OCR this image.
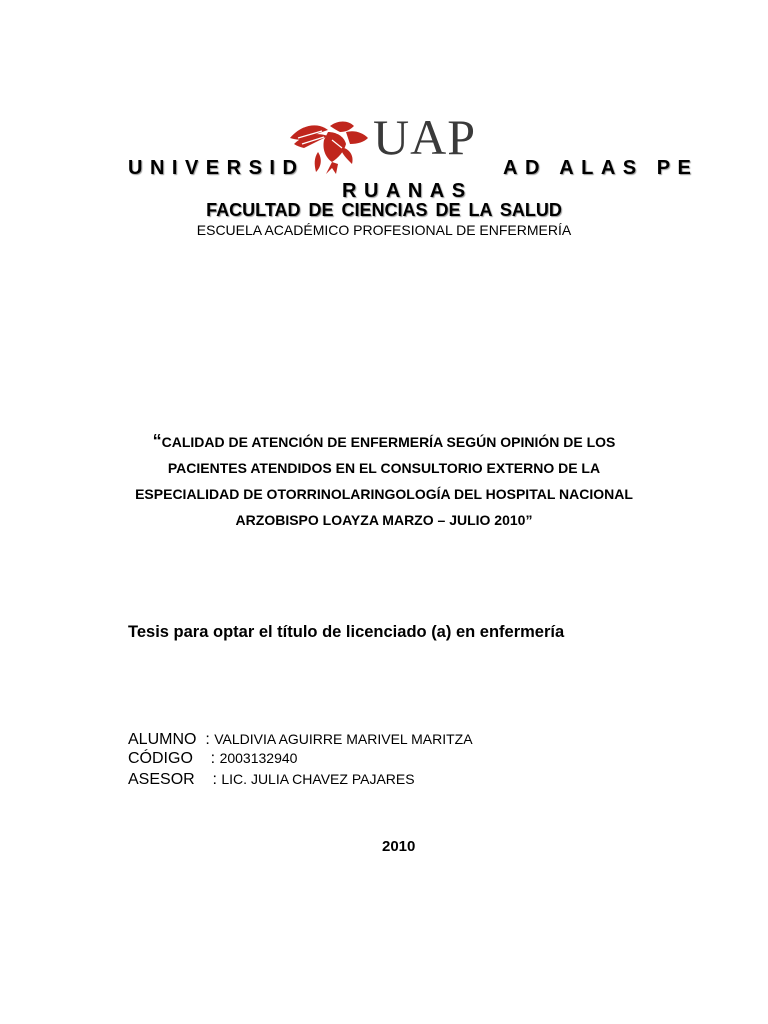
UNIVERSID
UAP
AD ALAS PE
RUANAS
FACULTAD DE CIENCIAS DE LA SALUD
ESCUELA ACADÉMICO PROFESIONAL DE ENFERMERÍA
“CALIDAD DE ATENCIÓN DE ENFERMERÍA SEGÚN OPINIÓN DE LOS PACIENTES ATENDIDOS EN EL CONSULTORIO EXTERNO DE LA ESPECIALIDAD DE OTORRINOLARINGOLOGÍA DEL HOSPITAL NACIONAL ARZOBISPO LOAYZA MARZO – JULIO 2010”
Tesis para optar el título de licenciado (a) en enfermería
ALUMNO  : VALDIVIA AGUIRRE MARIVEL MARITZA
CÓDIGO    : 2003132940
ASESOR    : LIC. JULIA CHAVEZ PAJARES
2010
